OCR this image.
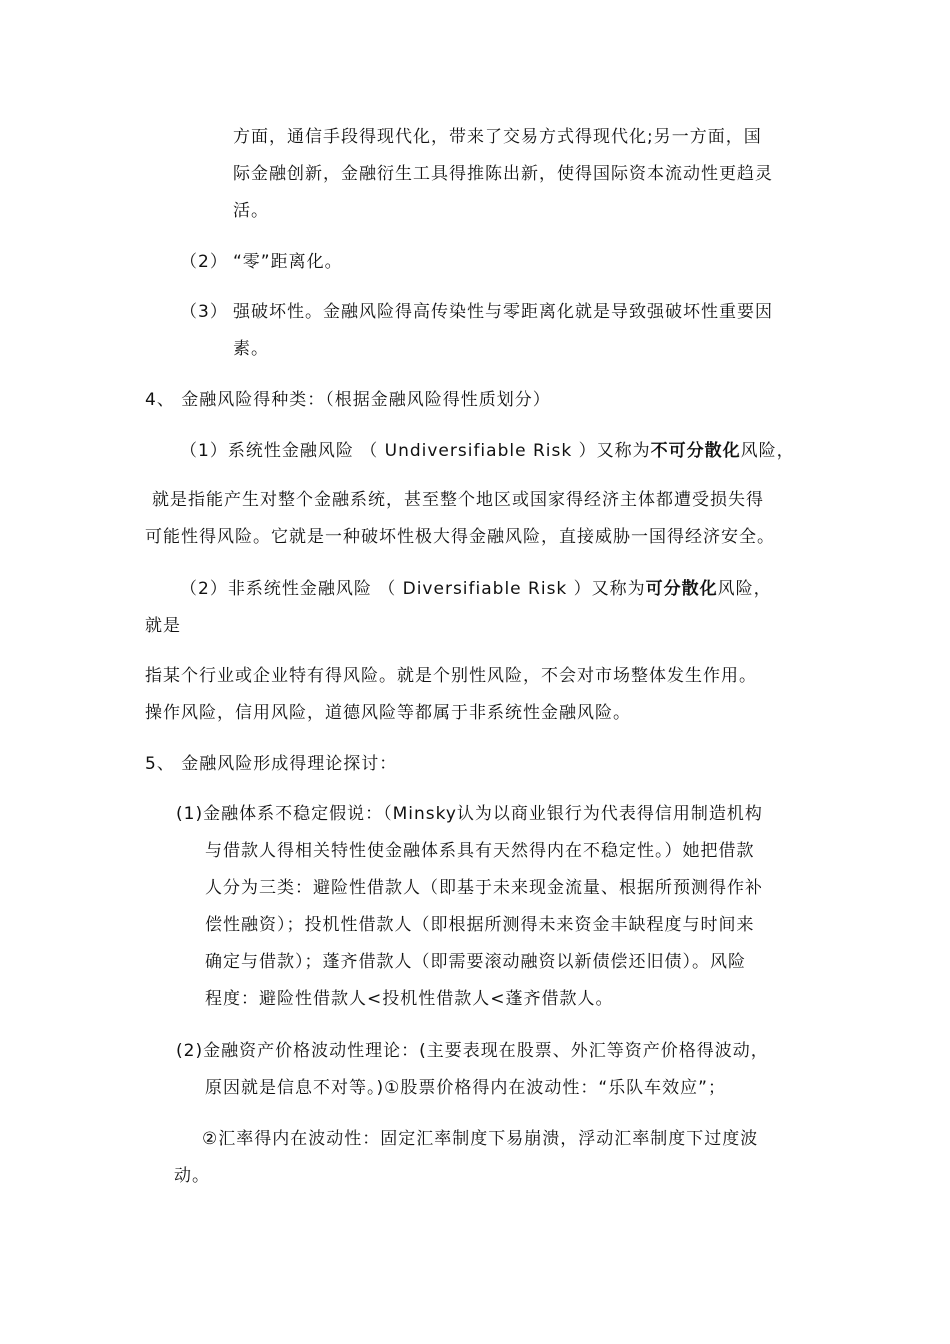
方面，通信手段得现代化，带来了交易方式得现代化;另一方面，国
际金融创新，金融衍生工具得推陈出新，使得国际资本流动性更趋灵
活。
（2） “零”距离化。
（3） 强破坏性。金融风险得高传染性与零距离化就是导致强破坏性重要因
素。
4、 金融风险得种类：（根据金融风险得性质划分）
（1）系统性金融风险 （ Undiversifiable Risk ）又称为不可分散化风险，
就是指能产生对整个金融系统，甚至整个地区或国家得经济主体都遭受损失得
可能性得风险。它就是一种破坏性极大得金融风险，直接威胁一国得经济安全。
（2）非系统性金融风险 （ Diversifiable Risk ）又称为可分散化风险，
就是
指某个行业或企业特有得风险。就是个别性风险，不会对市场整体发生作用。
操作风险，信用风险，道德风险等都属于非系统性金融风险。
5、 金融风险形成得理论探讨：
(1)金融体系不稳定假说：（Minsky认为以商业银行为代表得信用制造机构
与借款人得相关特性使金融体系具有天然得内在不稳定性。）她把借款
人分为三类：避险性借款人（即基于未来现金流量、根据所预测得作补
偿性融资）；投机性借款人（即根据所测得未来资金丰缺程度与时间来
确定与借款）；蓬齐借款人（即需要滚动融资以新债偿还旧债）。风险
程度：避险性借款人<投机性借款人<蓬齐借款人。
(2)金融资产价格波动性理论：(主要表现在股票、外汇等资产价格得波动，
原因就是信息不对等。)①股票价格得内在波动性：“乐队车效应”；
②汇率得内在波动性：固定汇率制度下易崩溃，浮动汇率制度下过度波
动。
